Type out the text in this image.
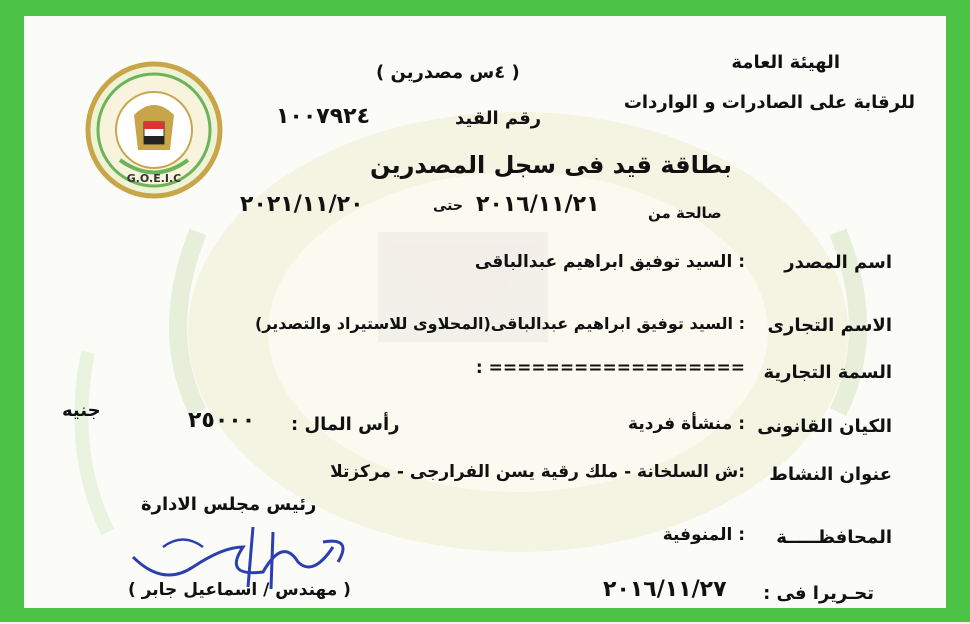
G.O.E.I.C
الهيئة العامة
للرقابة على الصادرات و الواردات
( ٤س مصدرين )
رقم القيد
١٠٠٧٩٢٤
بطاقة قيد فى سجل المصدرين
صالحة من
٢٠١٦/١١/٢١
حتى
٢٠٢١/١١/٢٠
اسم المصدر
: السيد توفيق ابراهيم عبدالباقى
الاسم التجارى
: السيد توفيق ابراهيم عبدالباقى(المحلاوى للاستيراد والتصدير)
السمة التجارية
: ==================
الكيان القانونى
: منشأة فردية
رأس المال :
٢٥٠٠٠
جنيه
عنوان النشاط
:ش السلخانة - ملك رقية يسن الفرارجى - مركزتلا
المحافظـــــة
: المنوفية
تحـريرا فى :
٢٠١٦/١١/٢٧
رئيس مجلس الادارة
( مهندس / اسماعيل جابر )
